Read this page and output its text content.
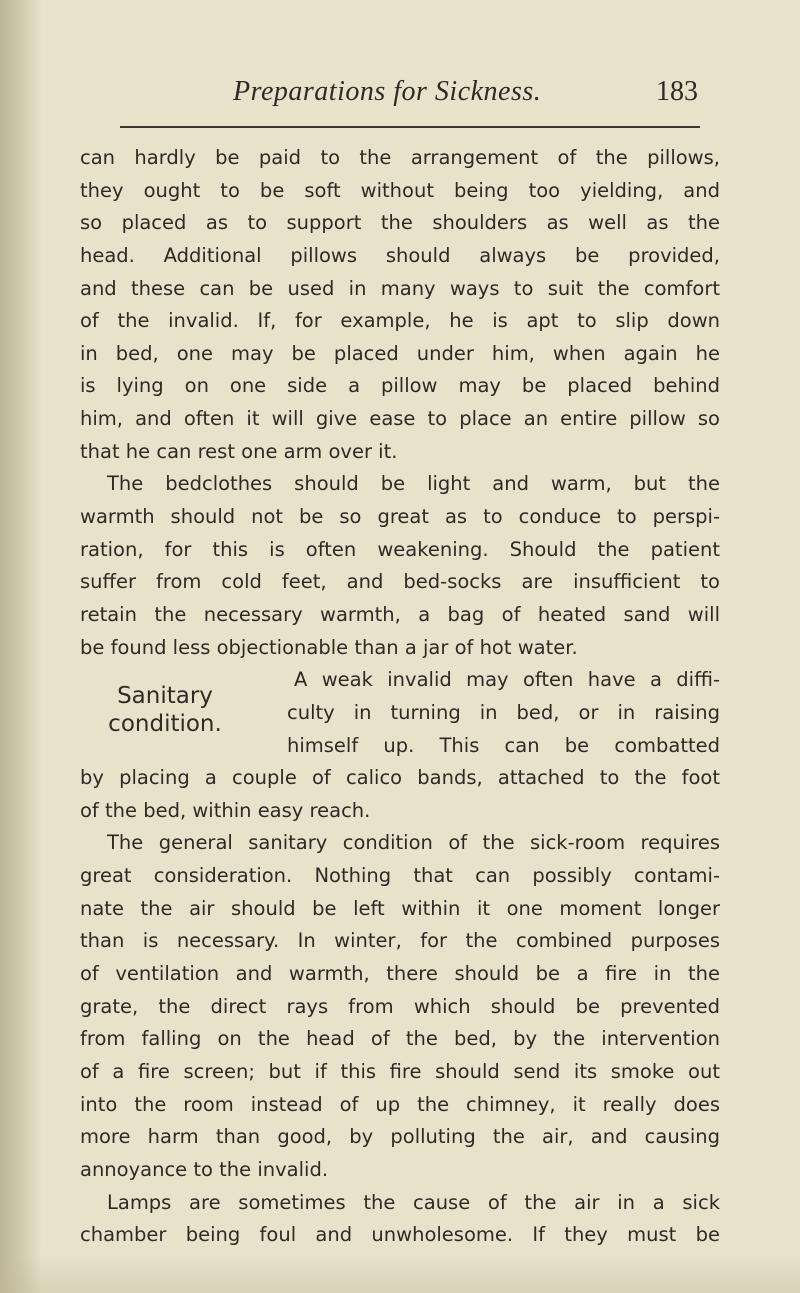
Preparations for Sickness.	183
can hardly be paid to the arrangement of the pillows,
they ought to be soft without being too yielding, and
so placed as to support the shoulders as well as the
head. Additional pillows should always be provided,
and these can be used in many ways to suit the comfort
of the invalid. If, for example, he is apt to slip down
in bed, one may be placed under him, when again he
is lying on one side a pillow may be placed behind
him, and often it will give ease to place an entire pillow so
that he can rest one arm over it.
The bedclothes should be light and warm, but the
warmth should not be so great as to conduce to perspi-
ration, for this is often weakening. Should the patient
suffer from cold feet, and bed-socks are insufficient to
retain the necessary warmth, a bag of heated sand will
be found less objectionable than a jar of hot water.
Sanitary
condition.
A weak invalid may often have a diffi-
culty in turning in bed, or in raising
himself up. This can be combatted
by placing a couple of calico bands, attached to the foot
of the bed, within easy reach.
The general sanitary condition of the sick-room requires
great consideration. Nothing that can possibly contami-
nate the air should be left within it one moment longer
than is necessary. In winter, for the combined purposes
of ventilation and warmth, there should be a fire in the
grate, the direct rays from which should be prevented
from falling on the head of the bed, by the intervention
of a fire screen; but if this fire should send its smoke out
into the room instead of up the chimney, it really does
more harm than good, by polluting the air, and causing
annoyance to the invalid.
Lamps are sometimes the cause of the air in a sick
chamber being foul and unwholesome. If they must be
